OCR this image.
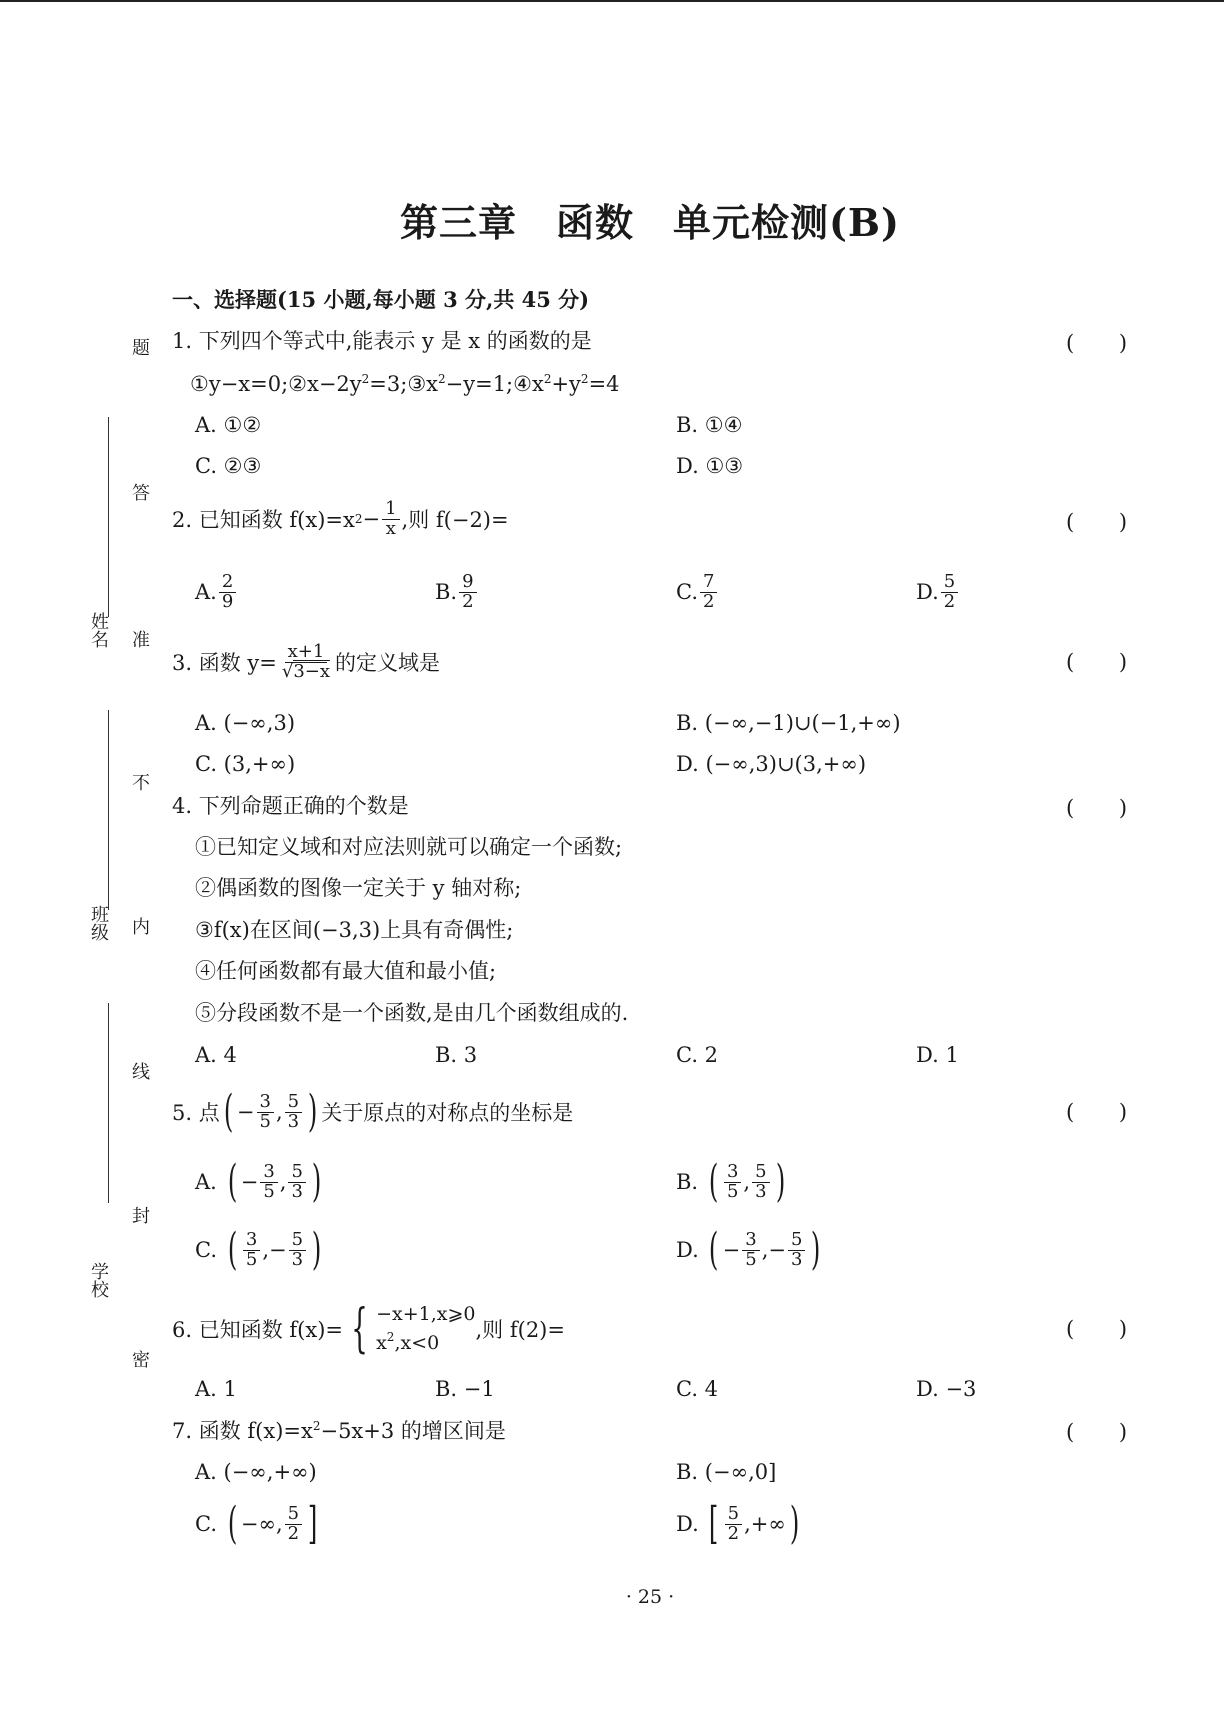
题
答
准
不
内
线
封
密
姓名
班级
学校
第三章　函数　单元检测(B)
一、选择题(15 小题,每小题 3 分,共 45 分)
1. 下列四个等式中,能表示 y 是 x 的函数的是	( )
$①y-x=0;②x-2y^2=3;③x^2-y=1;④x^2+y^2=4$
A. ①②	B. ①④
C. ②③	D. ①③
2. 已知函数 f(x)=x $2 - \frac{1}{x}$ ,则 f(−2)=	( )
A. $\frac{2}{9}$	B. $\frac{9}{2}$	C. $\frac{7}{2}$	D. $\frac{5}{2}$
3. 函数 $y= \frac{x+1}{√3-x}$ 的定义域是	( )
A. (−∞,3)	B. (−∞,−1)∪(−1,+∞)
C. (3,+∞)	D. (−∞,3)∪(3,+∞)
4. 下列命题正确的个数是	( )
①已知定义域和对应法则就可以确定一个函数;
②偶函数的图像一定关于 y 轴对称;
③f(x)在区间(−3,3)上具有奇偶性;
④任何函数都有最大值和最小值;
⑤分段函数不是一个函数,是由几个函数组成的.
A. 4	B. 3	C. 2	D. 1
5. 点 ( − $\frac{3}{5}$ , $\frac{5}{3}$ ) 关于原点的对称点的坐标是	( )
A.
( − $\frac{3}{5}$ , $\frac{5}{3}$ )	B.
( $\frac{3}{5}$ , $\frac{5}{3}$ )
C.
( $\frac{3}{5}$ , − $\frac{5}{3}$ )	D.
( − $\frac{3}{5}$ , − $\frac{5}{3}$ )
6. 已知函数 f(x)= { −x+1,x⩾0
$x^2,x<0$
,则 f(2)=	( )
A. 1	B. −1	C. 4	D. −3
7. 函数 $f(x)=x^2-5x+3$ 的增区间是	( )
A. (−∞,+∞)	B. (−∞,0]
C.
( −∞, $\frac{5}{2}$ ]	D.
[ $\frac{5}{2}$ ,+∞ )
· 25 ·
